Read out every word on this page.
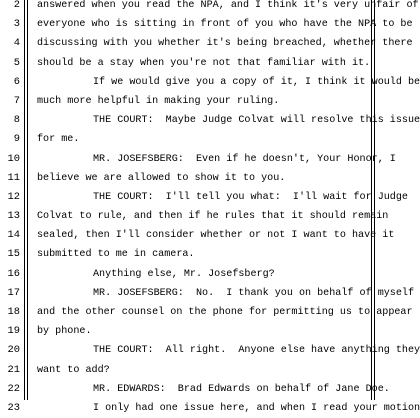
2 answered when you read the NPA, and I think it's very unfair of
3 everyone who is sitting in front of you who have the NPA to be
4 discussing with you whether it's being breached, whether there
5 should be a stay when you're not that familiar with it.
6	If we would give you a copy of it, I think it would be
7 much more helpful in making your ruling.
8	THE COURT:  Maybe Judge Colvat will resolve this issue
9 for me.
10	MR. JOSEFSBERG:  Even if he doesn't, Your Honor, I
11 believe we are allowed to show it to you.
12	THE COURT:  I'll tell you what:  I'll wait for Judge
13 Colvat to rule, and then if he rules that it should remain
14 sealed, then I'll consider whether or not I want to have it
15 submitted to me in camera.
16	Anything else, Mr. Josefsberg?
17	MR. JOSEFSBERG:  No.  I thank you on behalf of myself
18 and the other counsel on the phone for permitting us to appear
19 by phone.
20	THE COURT:  All right.  Anyone else have anything they
21 want to add?
22	MR. EDWARDS:  Brad Edwards on behalf of Jane Doe.
23	I only had one issue here, and when I read your motion
